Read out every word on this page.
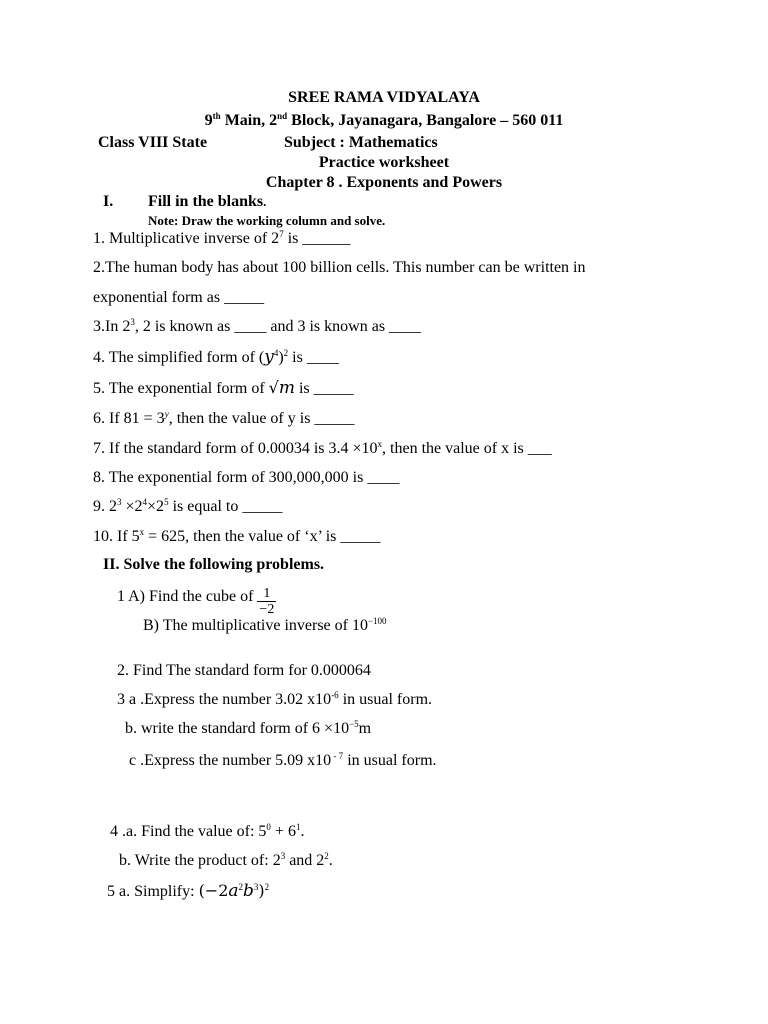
SREE RAMA VIDYALAYA
9th Main, 2nd Block, Jayanagara, Bangalore – 560 011
Class VIII State	Subject : Mathematics
Practice worksheet
Chapter 8 . Exponents and Powers
I. Fill in the blanks.
Note: Draw the working column and solve.
1. Multiplicative inverse of $2^7$ is ______
2.The human body has about 100 billion cells. This number can be written in
exponential form as _____
3.In $2^3$, 2 is known as ____ and 3 is known as ____
4. The simplified form of $(y^4)^2$ is ____
5. The exponential form of √m is _____
6. If $81 = 3^y$, then the value of y is _____
7. If the standard form of 0.00034 is $3.4 \times 10^x$, then the value of x is ___
8. The exponential form of 300,000,000 is ____
9. $2^3 \times 2^4\times 2^5$ is equal to _____
10. If $5^x = 625$, then the value of ‘x’ is _____
II. Solve the following problems.
1 A) Find the cube of $\frac{1}{-2}$
B) The multiplicative inverse of $10^{-100}$
2. Find The standard form for 0.000064
3 a .Express the number 3.02 $x10^{-6}$ in usual form.
b. write the standard form of $6 \times 10^{-5}m$
c .Express the number 5.09 x10 $^{- 7}$ in usual form.
4 .a. Find the value of: $5^0 + 6^1$.
b. Write the product of: $2^3$ and $2^2$.
5 a. Simplify: $(-2a^2b^3)^2$
